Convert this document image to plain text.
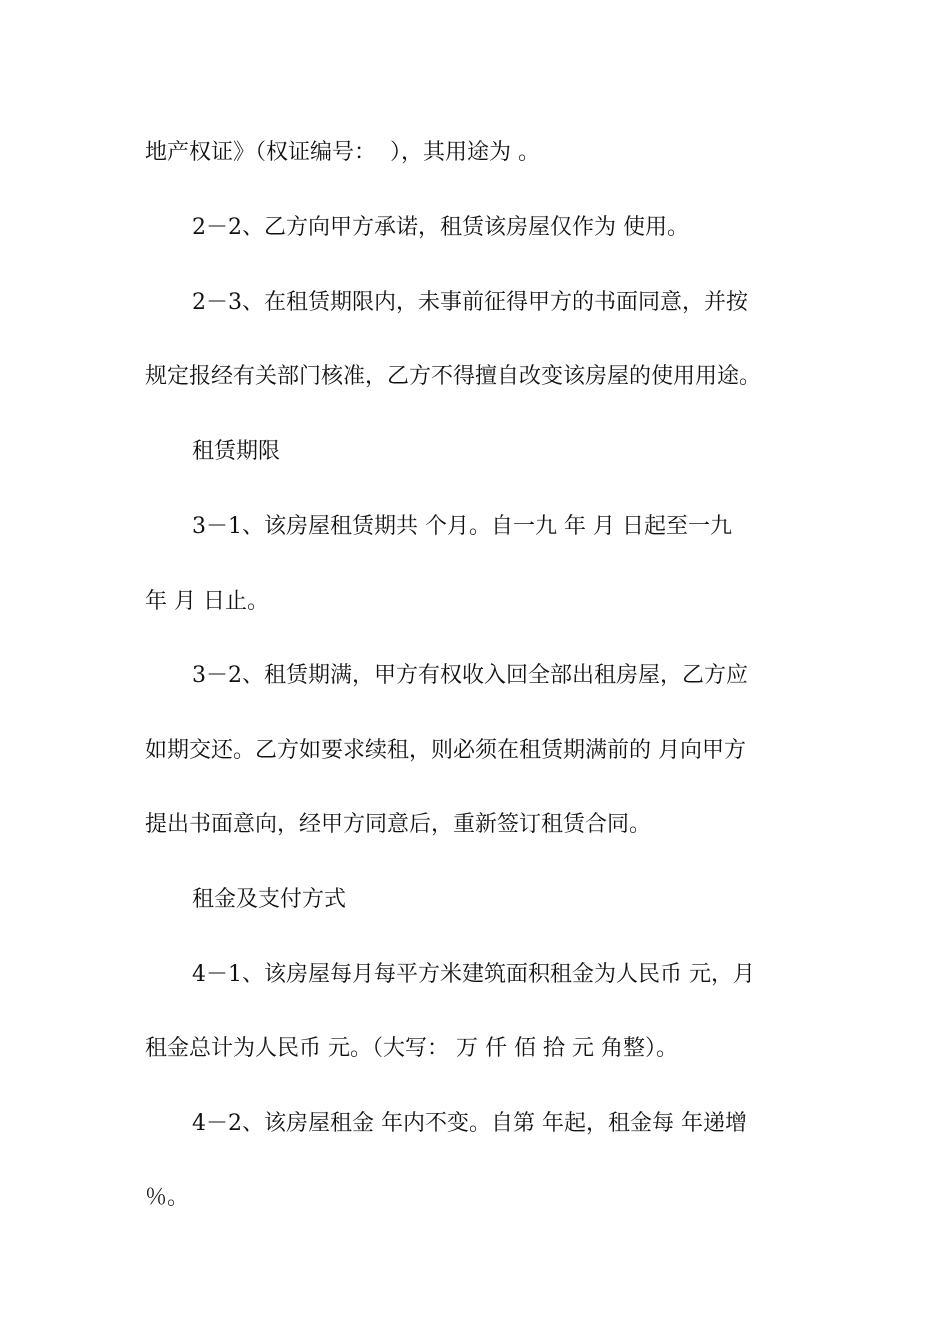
地产权证》（权证编号：  ），其用途为 。
2－2、乙方向甲方承诺，租赁该房屋仅作为 使用。
2－3、在租赁期限内，未事前征得甲方的书面同意，并按
规定报经有关部门核准，乙方不得擅自改变该房屋的使用用途。
租赁期限
3－1、该房屋租赁期共 个月。自一九 年 月 日起至一九
年 月 日止。
3－2、租赁期满，甲方有权收入回全部出租房屋，乙方应
如期交还。乙方如要求续租，则必须在租赁期满前的 月向甲方
提出书面意向，经甲方同意后，重新签订租赁合同。
租金及支付方式
4－1、该房屋每月每平方米建筑面积租金为人民币 元，月
租金总计为人民币 元。（大写： 万 仟 佰 拾 元 角整）。
4－2、该房屋租金 年内不变。自第 年起，租金每 年递增
％。
